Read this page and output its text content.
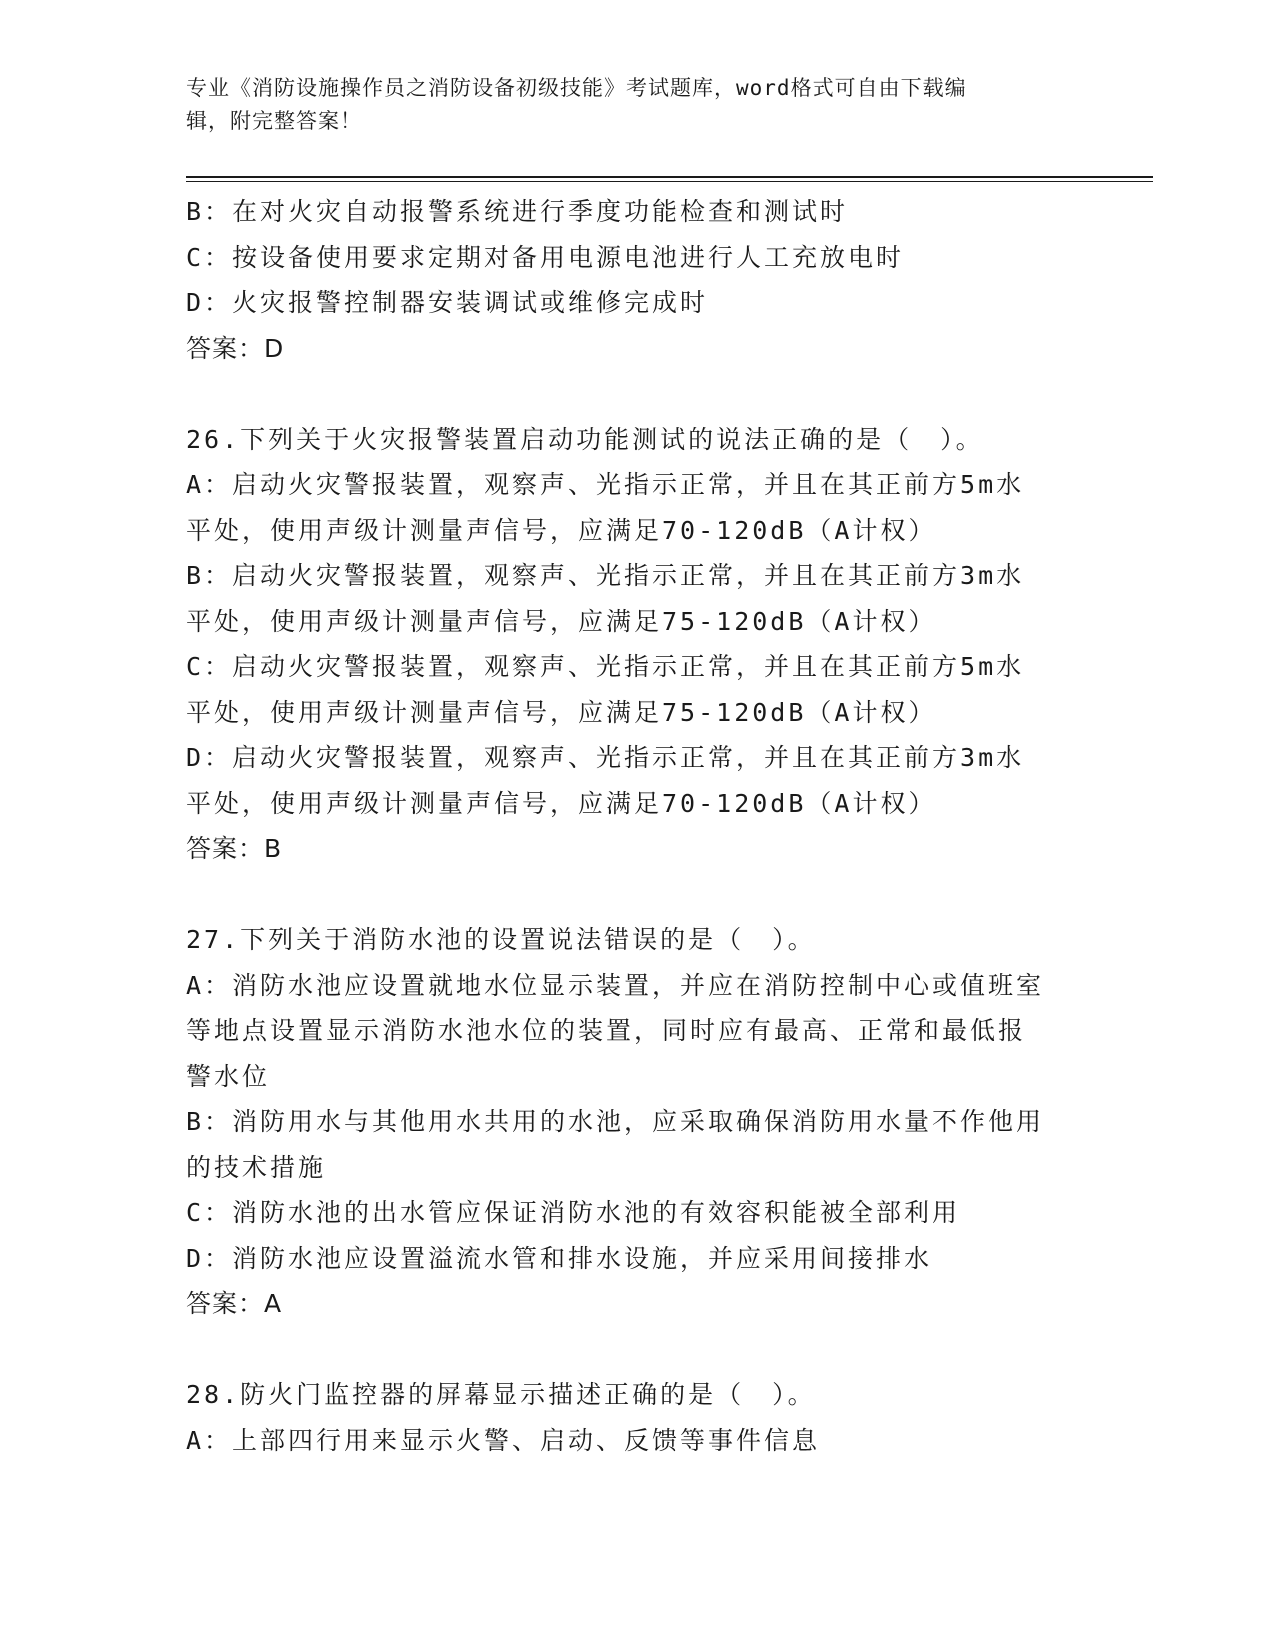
专业《消防设施操作员之消防设备初级技能》考试题库，word格式可自由下载编
辑，附完整答案！
B：在对火灾自动报警系统进行季度功能检查和测试时
C：按设备使用要求定期对备用电源电池进行人工充放电时
D：火灾报警控制器安装调试或维修完成时
答案：D
26.下列关于火灾报警装置启动功能测试的说法正确的是（　）。
A：启动火灾警报装置，观察声、光指示正常，并且在其正前方5m水
平处，使用声级计测量声信号，应满足70-120dB（A计权）
B：启动火灾警报装置，观察声、光指示正常，并且在其正前方3m水
平处，使用声级计测量声信号，应满足75-120dB（A计权）
C：启动火灾警报装置，观察声、光指示正常，并且在其正前方5m水
平处，使用声级计测量声信号，应满足75-120dB（A计权）
D：启动火灾警报装置，观察声、光指示正常，并且在其正前方3m水
平处，使用声级计测量声信号，应满足70-120dB（A计权）
答案：B
27.下列关于消防水池的设置说法错误的是（　）。
A：消防水池应设置就地水位显示装置，并应在消防控制中心或值班室
等地点设置显示消防水池水位的装置，同时应有最高、正常和最低报
警水位
B：消防用水与其他用水共用的水池，应采取确保消防用水量不作他用
的技术措施
C：消防水池的出水管应保证消防水池的有效容积能被全部利用
D：消防水池应设置溢流水管和排水设施，并应采用间接排水
答案：A
28.防火门监控器的屏幕显示描述正确的是（　）。
A：上部四行用来显示火警、启动、反馈等事件信息
